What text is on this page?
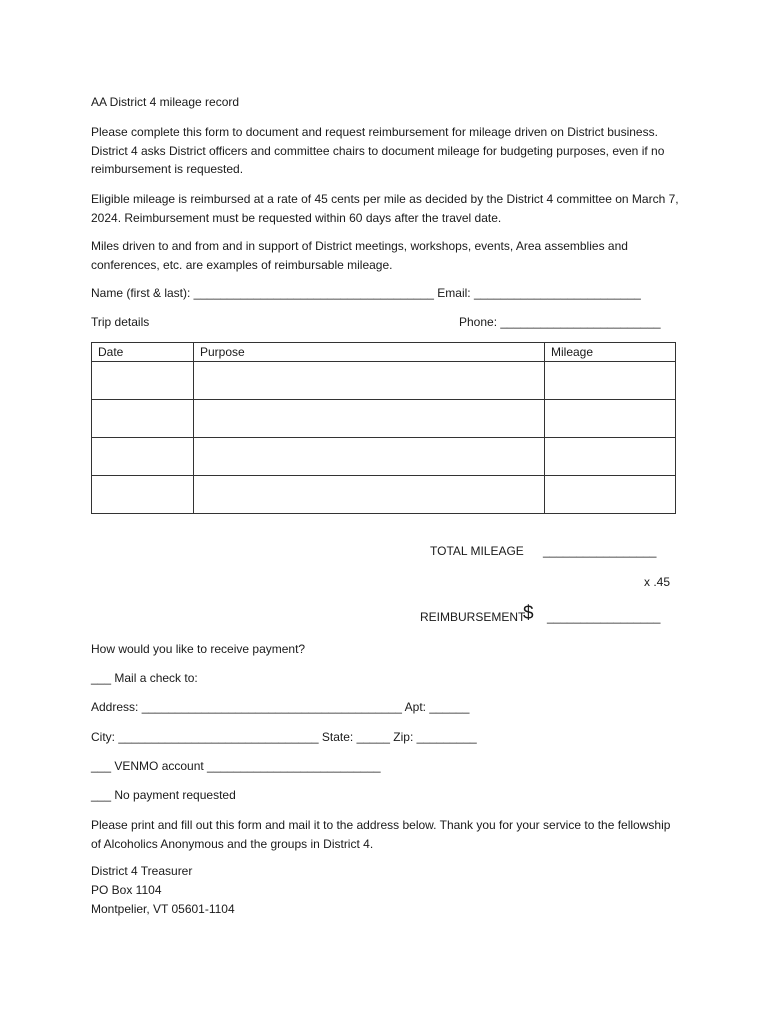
AA District 4 mileage record
Please complete this form to document and request reimbursement for mileage driven on District business. District 4 asks District officers and committee chairs to document mileage for budgeting purposes, even if no reimbursement is requested.
Eligible mileage is reimbursed at a rate of 45 cents per mile as decided by the District 4 committee on March 7, 2024. Reimbursement must be requested within 60 days after the travel date.
Miles driven to and from and in support of District meetings, workshops, events, Area assemblies and conferences, etc. are examples of reimbursable mileage.
Name (first & last): ____________________________________ Email: _________________________
Trip details	Phone: ________________________
Date	Purpose	Mileage

TOTAL MILEAGE _________________
x .45
REIMBURSEMENT
$ _________________
How would you like to receive payment?
___ Mail a check to:
Address: _______________________________________ Apt: ______
City: ______________________________ State: _____ Zip: _________
___ VENMO account __________________________
___ No payment requested
Please print and fill out this form and mail it to the address below. Thank you for your service to the fellowship of Alcoholics Anonymous and the groups in District 4.
District 4 Treasurer
PO Box 1104
Montpelier, VT 05601-1104
